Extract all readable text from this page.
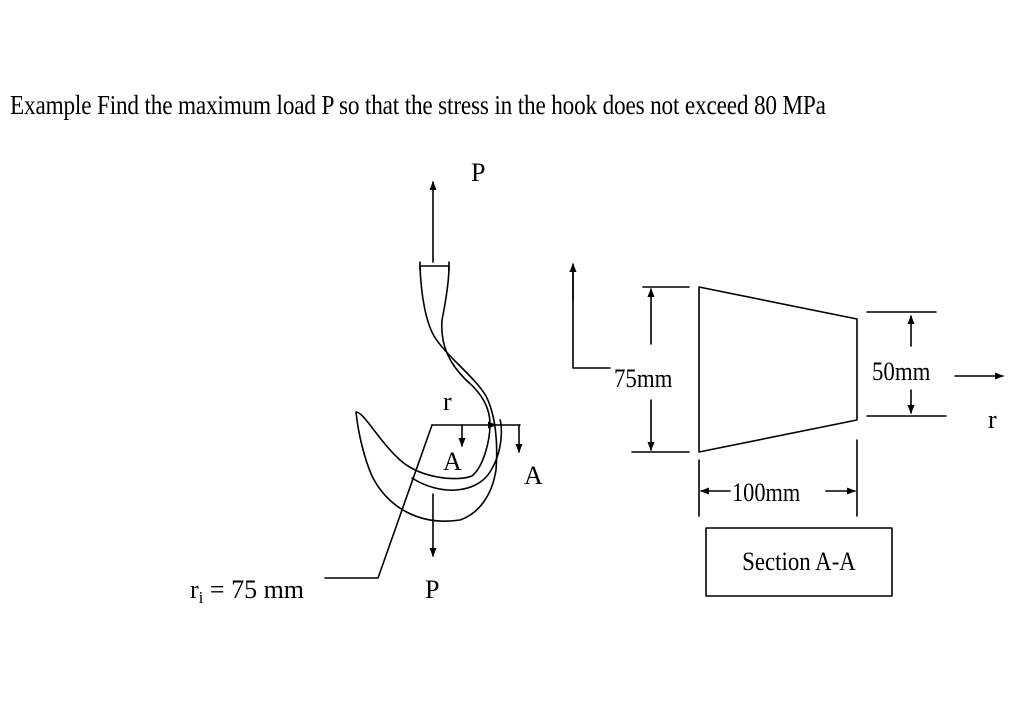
Example Find the maximum load P so that the stress in the hook does not exceed 80 MPa
P
r
A A
P
ri = 75 mm
75mm	50mm
r
100mm
Section A-A
